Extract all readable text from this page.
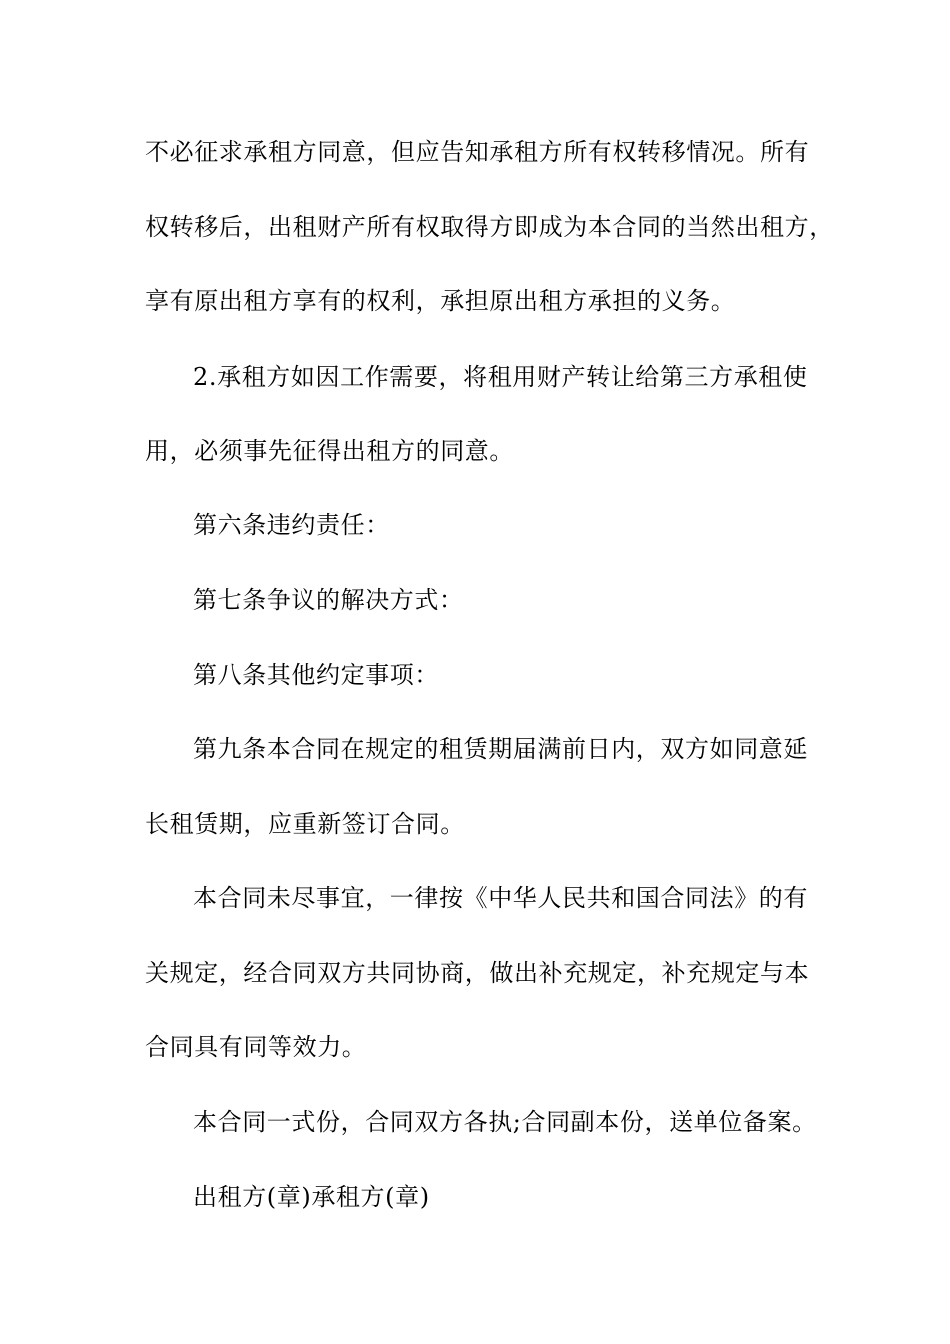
不必征求承租方同意，但应告知承租方所有权转移情况。所有
权转移后，出租财产所有权取得方即成为本合同的当然出租方，
享有原出租方享有的权利，承担原出租方承担的义务。
2.承租方如因工作需要，将租用财产转让给第三方承租使
用，必须事先征得出租方的同意。
第六条违约责任：
第七条争议的解决方式：
第八条其他约定事项：
第九条本合同在规定的租赁期届满前日内，双方如同意延
长租赁期，应重新签订合同。
本合同未尽事宜，一律按《中华人民共和国合同法》的有
关规定，经合同双方共同协商，做出补充规定，补充规定与本
合同具有同等效力。
本合同一式份，合同双方各执;合同副本份，送单位备案。
出租方(章)承租方(章)
